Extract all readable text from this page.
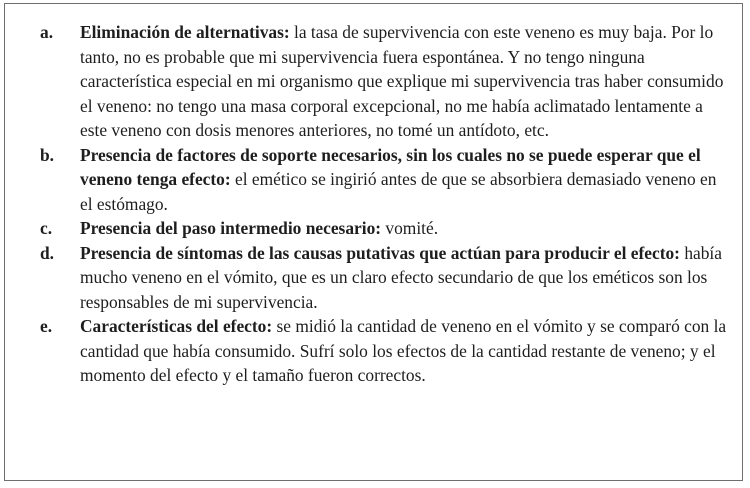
a. Eliminación de alternativas: la tasa de supervivencia con este veneno es muy baja. Por lo tanto, no es probable que mi supervivencia fuera espontánea. Y no tengo ninguna característica especial en mi organismo que explique mi supervivencia tras haber consumido el veneno: no tengo una masa corporal excepcional, no me había aclimatado lentamente a este veneno con dosis menores anteriores, no tomé un antídoto, etc.
b. Presencia de factores de soporte necesarios, sin los cuales no se puede esperar que el veneno tenga efecto: el emético se ingirió antes de que se absorbiera demasiado veneno en el estómago.
c. Presencia del paso intermedio necesario: vomité.
d. Presencia de síntomas de las causas putativas que actúan para producir el efecto: había mucho veneno en el vómito, que es un claro efecto secundario de que los eméticos son los responsables de mi supervivencia.
e. Características del efecto: se midió la cantidad de veneno en el vómito y se comparó con la cantidad que había consumido. Sufrí solo los efectos de la cantidad restante de veneno; y el momento del efecto y el tamaño fueron correctos.
